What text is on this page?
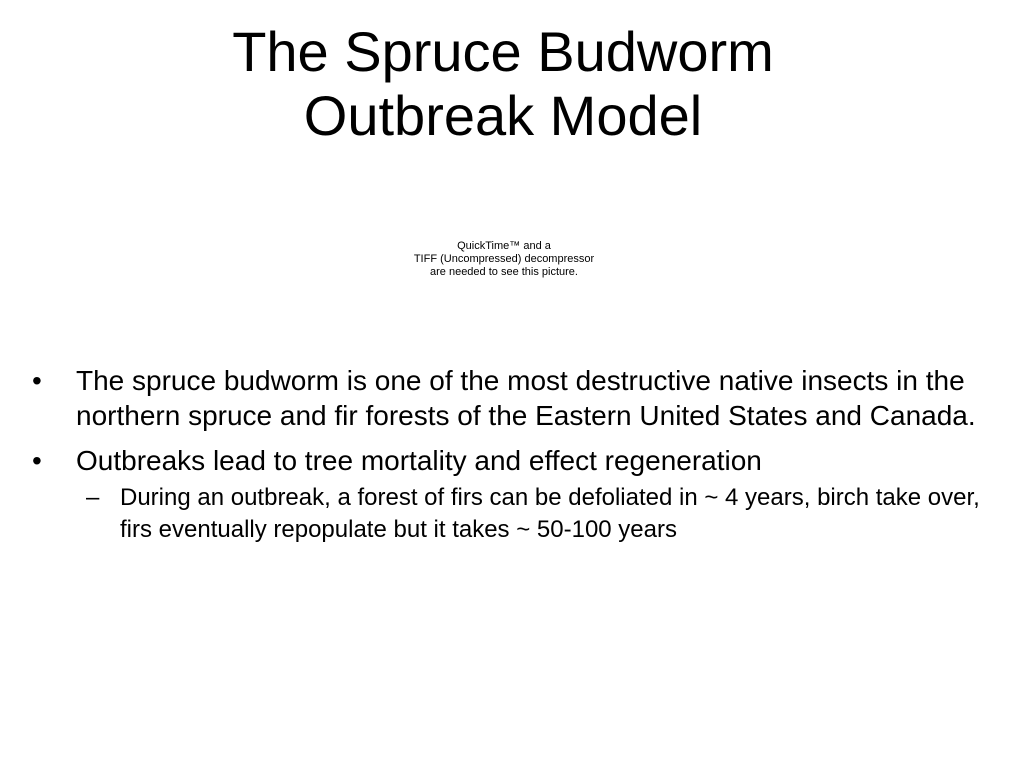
The Spruce Budworm
Outbreak Model
QuickTime™ and a
TIFF (Uncompressed) decompressor
are needed to see this picture.
• The spruce budworm is one of the most destructive native insects in the northern spruce and fir forests of the Eastern United States and Canada.
• Outbreaks lead to tree mortality and effect regeneration
– During an outbreak, a forest of firs can be defoliated in ~ 4 years, birch take over, firs eventually repopulate but it takes ~ 50-100 years
